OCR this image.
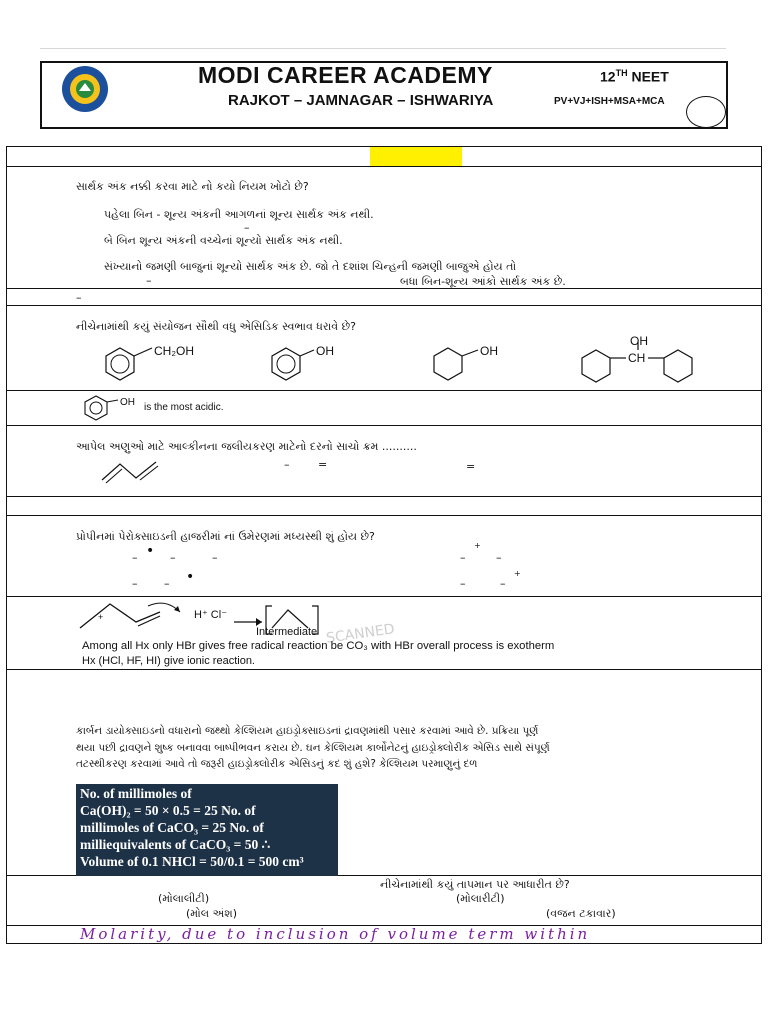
MODI CAREER ACADEMY
RAJKOT – JAMNAGAR – ISHWARIYA
12TH NEET
PV+VJ+ISH+MSA+MCA
સાર્થક અંક નક્કી કરવા માટે નો કયો નિયમ ખોટો છે?
પહેલા બિન - શૂન્ય અંકની આગળનાં શૂન્ય સાર્થક અંક નથી.
–
બે બિન શૂન્ય અંકની વચ્ચેનાં શૂન્યો સાર્થક અંક નથી.
સંખ્યાનો જમણી બાજુનાં શૂન્યો સાર્થક અંક છે. જો તે દશાંશ ચિન્હની જમણી બાજુએ હોય તો
–	બધા બિન-શૂન્ય આંકો સાર્થક અંક છે.
–
નીચેનામાંથી કયું સંયોજન સૌથી વધુ એસિડિક સ્વભાવ ધરાવે છે?
CH₂OH	OH	OH
OH
CH
OH is the most acidic.
આપેલ અણુઓ માટે આલ્કીનના જલીયકરણ માટેનો દરનો સાચો ક્રમ ..........
–	=	=
પ્રોપીનમાં પેરોક્સાઇડની હાજરીમાં નાં ઉમેરણમાં મધ્યસ્થી શું હોય છે?
– • –	–	–
+
–
–	•
–	–	–
+
+	H⁺ Cl⁻
Intermediate SCANNED
Among all Hx only HBr gives free radical reaction be CO₃ with HBr overall process is exotherm
Hx (HCl, HF, HI) give ionic reaction.
કાર્બન ડાયોક્સાઇડનો વધારાનો જથ્થો કેલ્શિયમ હાઇડ્રોક્સાઇડનાં દ્રાવણમાંથી પસાર કરવામાં આવે છે. પ્રક્રિયા પૂર્ણ
થયા પછી દ્રાવણને શુષ્ક બનાવવા બાષ્પીભવન કરાય છે. ઘન કેલ્શિયમ કાર્બોનેટનું હાઇડ્રોક્લોરીક એસિડ સાથે સંપૂર્ણ
તટસ્થીકરણ કરવામાં આવે તો જરૂરી હાઇડ્રોક્લોરીક એસિડનું કદ શું હશે? કેલ્શિયમ પરમાણુનું દળ
No. of millimoles of
Ca(OH)₂ = 50 × 0.5 = 25 No. of
millimoles of CaCO₃ = 25 No. of
milliequivalents of CaCO₃ = 50 ∴
Volume of 0.1 NHCl = 50/0.1 = 500 cm³
નીચેનામાંથી કયું તાપમાન પર આધારીત છે?
(મોલાલીટી)	(મોલારીટી)
(મોલ અંશ)	(વજન ટકાવાર)
Molarity, due to inclusion of volume term within
